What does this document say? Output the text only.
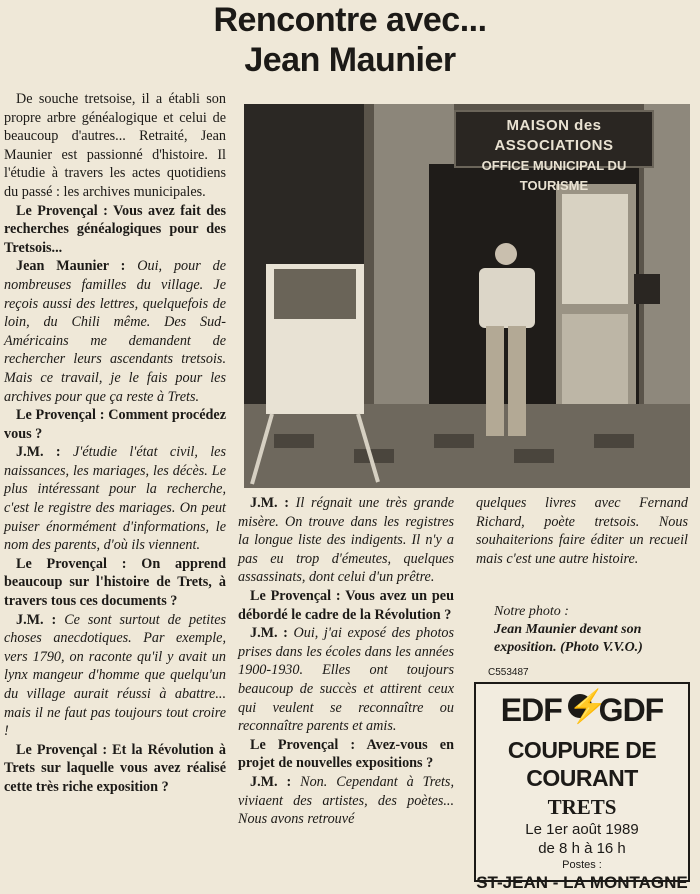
Rencontre avec...
Jean Maunier

De souche tretsoise, il a établi son propre arbre généalogique et celui de beaucoup d'autres... Retraité, Jean Maunier est passionné d'histoire. Il l'étudie à travers les actes quotidiens du passé : les archives municipales.

Le Provençal : Vous avez fait des recherches généalogiques pour des Tretsois...

Jean Maunier : Oui, pour de nombreuses familles du village. Je reçois aussi des lettres, quelquefois de loin, du Chili même. Des Sud-Américains me demandent de rechercher leurs ascendants tretsois. Mais ce travail, je le fais pour les archives pour que ça reste à Trets.

Le Provençal : Comment procédez vous ?

J.M. : J'étudie l'état civil, les naissances, les mariages, les décès. Le plus intéressant pour la recherche, c'est le registre des mariages. On peut puiser énormément d'informations, le nom des parents, d'où ils viennent.

Le Provençal : On apprend beaucoup sur l'histoire de Trets, à travers tous ces documents ?

J.M. : Ce sont surtout de petites choses anecdotiques. Par exemple, vers 1790, on raconte qu'il y avait un lynx mangeur d'homme que quelqu'un du village aurait réussi à abattre... mais il ne faut pas toujours tout croire !

Le Provençal : Et la Révolution à Trets sur laquelle vous avez réalisé cette très riche exposition ?

MAISON des ASSOCIATIONS
OFFICE MUNICIPAL DU TOURISME

J.M. : Il régnait une très grande misère. On trouve dans les registres la longue liste des indigents. Il n'y a pas eu trop d'émeutes, quelques assassinats, dont celui d'un prêtre.

Le Provençal : Vous avez un peu débordé le cadre de la Révolution ?

J.M. : Oui, j'ai exposé des photos prises dans les écoles dans les années 1900-1930. Elles ont toujours beaucoup de succès et attirent ceux qui veulent se reconnaître ou reconnaître parents et amis.

Le Provençal : Avez-vous en projet de nouvelles expositions ?

J.M. : Non. Cependant à Trets, viviaent des artistes, des poètes... Nous avons retrouvé

quelques livres avec Fernand Richard, poète tretsois. Nous souhaiterions faire éditer un recueil mais c'est une autre histoire.

Notre photo :
Jean Maunier devant son exposition. (Photo V.V.O.)
C553487
EDF ⚡ GDF
COUPURE DE COURANT
TRETS
Le 1er août 1989
de 8 h à 16 h
Postes :
ST-JEAN - LA MONTAGNE
